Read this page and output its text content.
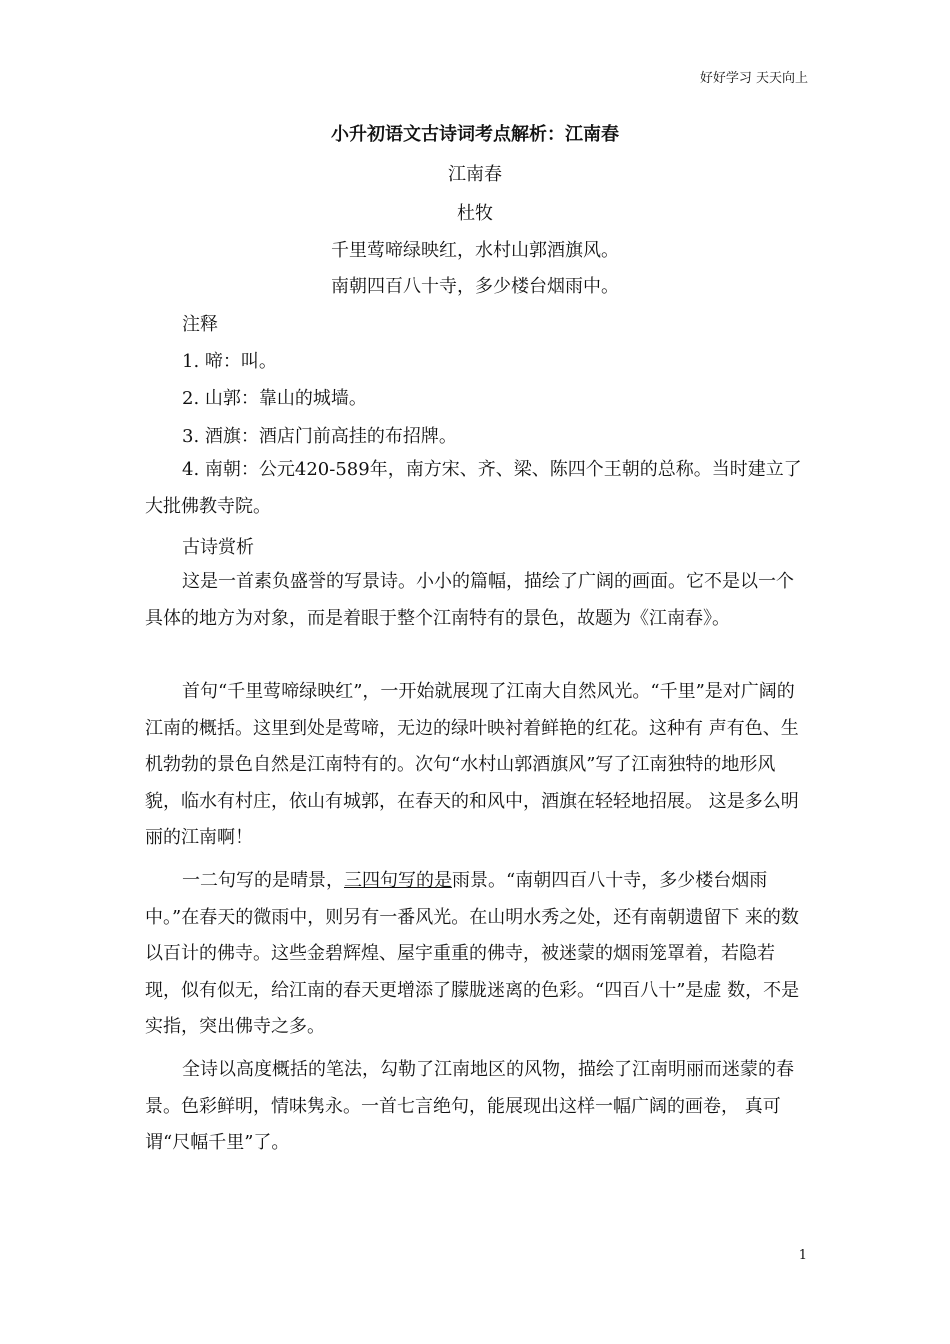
好好学习 天天向上
小升初语文古诗词考点解析：江南春
江南春
杜牧
千里莺啼绿映红，水村山郭酒旗风。
南朝四百八十寺，多少楼台烟雨中。
注释
1. 啼：叫。
2. 山郭：靠山的城墙。
3. 酒旗：酒店门前高挂的布招牌。
4. 南朝：公元420-589年，南方宋、齐、梁、陈四个王朝的总称。当时建立了大批佛教寺院。
古诗赏析
这是一首素负盛誉的写景诗。小小的篇幅，描绘了广阔的画面。它不是以一个具体的地方为对象，而是着眼于整个江南特有的景色，故题为《江南春》。
首句“千里莺啼绿映红”，一开始就展现了江南大自然风光。“千里”是对广阔的江南的概括。这里到处是莺啼，无边的绿叶映衬着鲜艳的红花。这种有 声有色、生机勃勃的景色自然是江南特有的。次句“水村山郭酒旗风”写了江南独特的地形风貌，临水有村庄，依山有城郭，在春天的和风中，酒旗在轻轻地招展。 这是多么明丽的江南啊！
一二句写的是晴景，三四句写的是雨景。“南朝四百八十寺，多少楼台烟雨中。”在春天的微雨中，则另有一番风光。在山明水秀之处，还有南朝遗留下 来的数以百计的佛寺。这些金碧辉煌、屋宇重重的佛寺，被迷蒙的烟雨笼罩着，若隐若现，似有似无，给江南的春天更增添了朦胧迷离的色彩。“四百八十”是虚 数，不是实指，突出佛寺之多。
全诗以高度概括的笔法，勾勒了江南地区的风物，描绘了江南明丽而迷蒙的春景。色彩鲜明，情味隽永。一首七言绝句，能展现出这样一幅广阔的画卷， 真可谓“尺幅千里”了。
1
